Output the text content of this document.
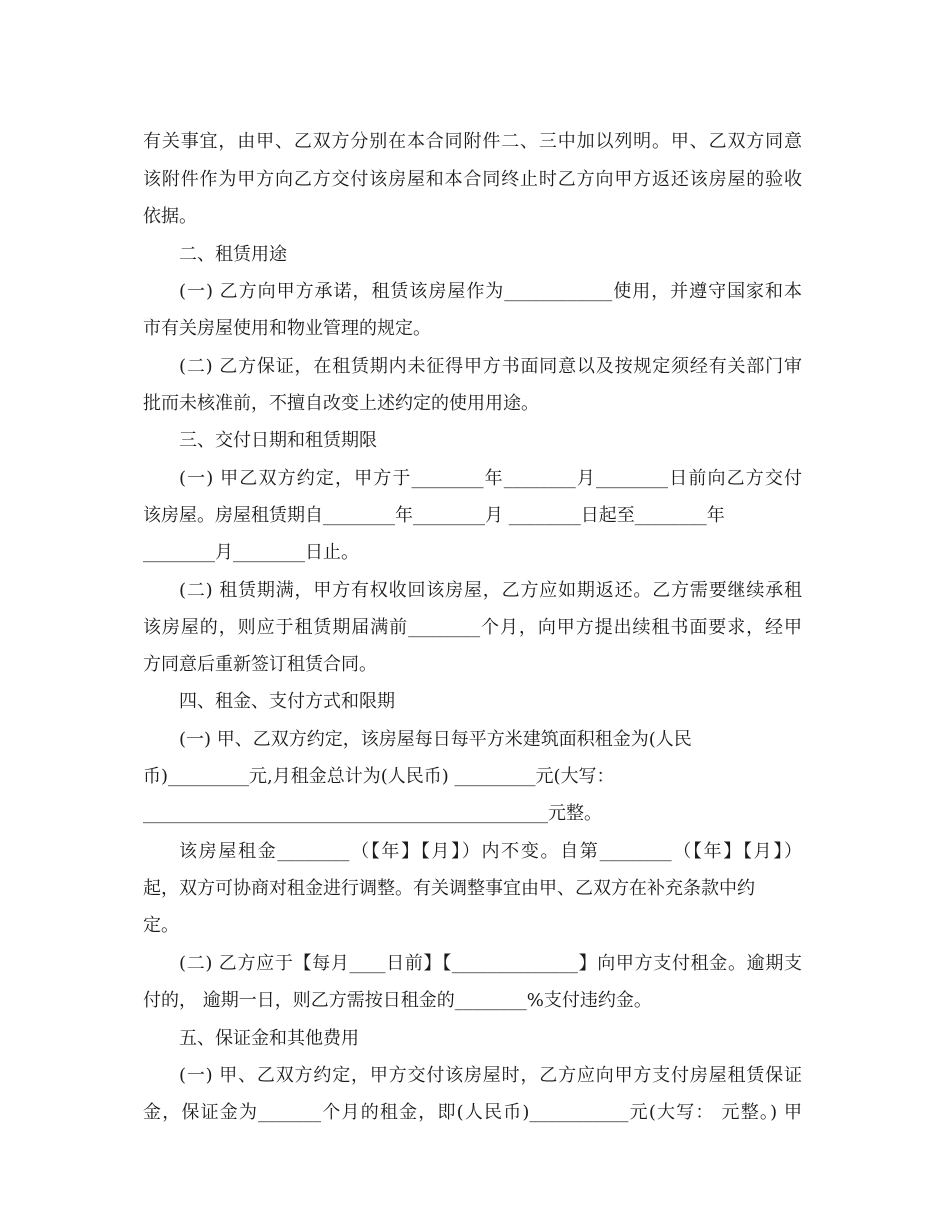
有关事宜，由甲、乙双方分别在本合同附件二、三中加以列明。甲、乙双方同意

该附件作为甲方向乙方交付该房屋和本合同终止时乙方向甲方返还该房屋的验收

依据。

二、租赁用途

(一) 乙方向甲方承诺，租赁该房屋作为____________使用，并遵守国家和本

市有关房屋使用和物业管理的规定。

(二) 乙方保证，在租赁期内未征得甲方书面同意以及按规定须经有关部门审

批而未核准前，不擅自改变上述约定的使用用途。

三、交付日期和租赁期限

(一) 甲乙双方约定，甲方于________年________月________日前向乙方交付

该房屋。房屋租赁期自________年________月 ________日起至________年

________月________日止。

(二) 租赁期满，甲方有权收回该房屋，乙方应如期返还。乙方需要继续承租

该房屋的，则应于租赁期届满前________个月，向甲方提出续租书面要求，经甲

方同意后重新签订租赁合同。

四、租金、支付方式和限期

(一) 甲、乙双方约定，该房屋每日每平方米建筑面积租金为(人民

币)_________元,月租金总计为(人民币) _________元(大写：

_____________________________________________元整。

该房屋租金________（【年】【月】）内不变。自第________（【年】【月】）

起，双方可协商对租金进行调整。有关调整事宜由甲、乙双方在补充条款中约

定。

(二) 乙方应于【每月____日前】【______________】向甲方支付租金。逾期支

付的， 逾期一日，则乙方需按日租金的________%支付违约金。

五、保证金和其他费用

(一) 甲、乙双方约定，甲方交付该房屋时，乙方应向甲方支付房屋租赁保证

金，保证金为_______个月的租金，即(人民币)___________元(大写： 元整。) 甲
